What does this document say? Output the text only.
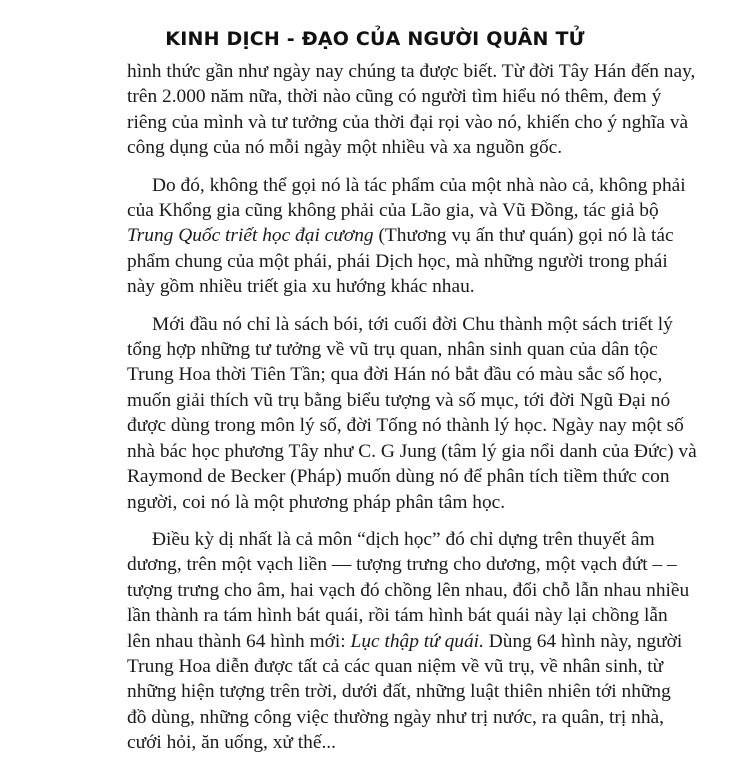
KINH DỊCH - ĐẠO CỦA NGƯỜI QUÂN TỬ
hình thức gần như ngày nay chúng ta được biết. Từ đời Tây Hán đến nay,
trên 2.000 năm nữa, thời nào cũng có người tìm hiểu nó thêm, đem ý
riêng của mình và tư tưởng của thời đại rọi vào nó, khiến cho ý nghĩa và
công dụng của nó mỗi ngày một nhiều và xa nguồn gốc.
Do đó, không thể gọi nó là tác phẩm của một nhà nào cả, không phải
của Khổng gia cũng không phải của Lão gia, và Vũ Đồng, tác giả bộ
Trung Quốc triết học đại cương (Thương vụ ấn thư quán) gọi nó là tác
phẩm chung của một phái, phái Dịch học, mà những người trong phái
này gồm nhiều triết gia xu hướng khác nhau.
Mới đầu nó chỉ là sách bói, tới cuối đời Chu thành một sách triết lý
tổng hợp những tư tưởng về vũ trụ quan, nhân sinh quan của dân tộc
Trung Hoa thời Tiên Tần; qua đời Hán nó bắt đầu có màu sắc số học,
muốn giải thích vũ trụ bằng biểu tượng và số mục, tới đời Ngũ Đại nó
được dùng trong môn lý số, đời Tống nó thành lý học. Ngày nay một số
nhà bác học phương Tây như C. G Jung (tâm lý gia nổi danh của Đức) và
Raymond de Becker (Pháp) muốn dùng nó để phân tích tiềm thức con
người, coi nó là một phương pháp phân tâm học.
Điều kỳ dị nhất là cả môn “dịch học” đó chỉ dựng trên thuyết âm
dương, trên một vạch liền — tượng trưng cho dương, một vạch đứt – –
tượng trưng cho âm, hai vạch đó chồng lên nhau, đổi chỗ lẫn nhau nhiều
lần thành ra tám hình bát quái, rồi tám hình bát quái này lại chồng lẫn
lên nhau thành 64 hình mới: Lục thập tứ quái. Dùng 64 hình này, người
Trung Hoa diễn được tất cả các quan niệm về vũ trụ, về nhân sinh, từ
những hiện tượng trên trời, dưới đất, những luật thiên nhiên tới những
đồ dùng, những công việc thường ngày như trị nước, ra quân, trị nhà,
cưới hỏi, ăn uống, xử thế...
